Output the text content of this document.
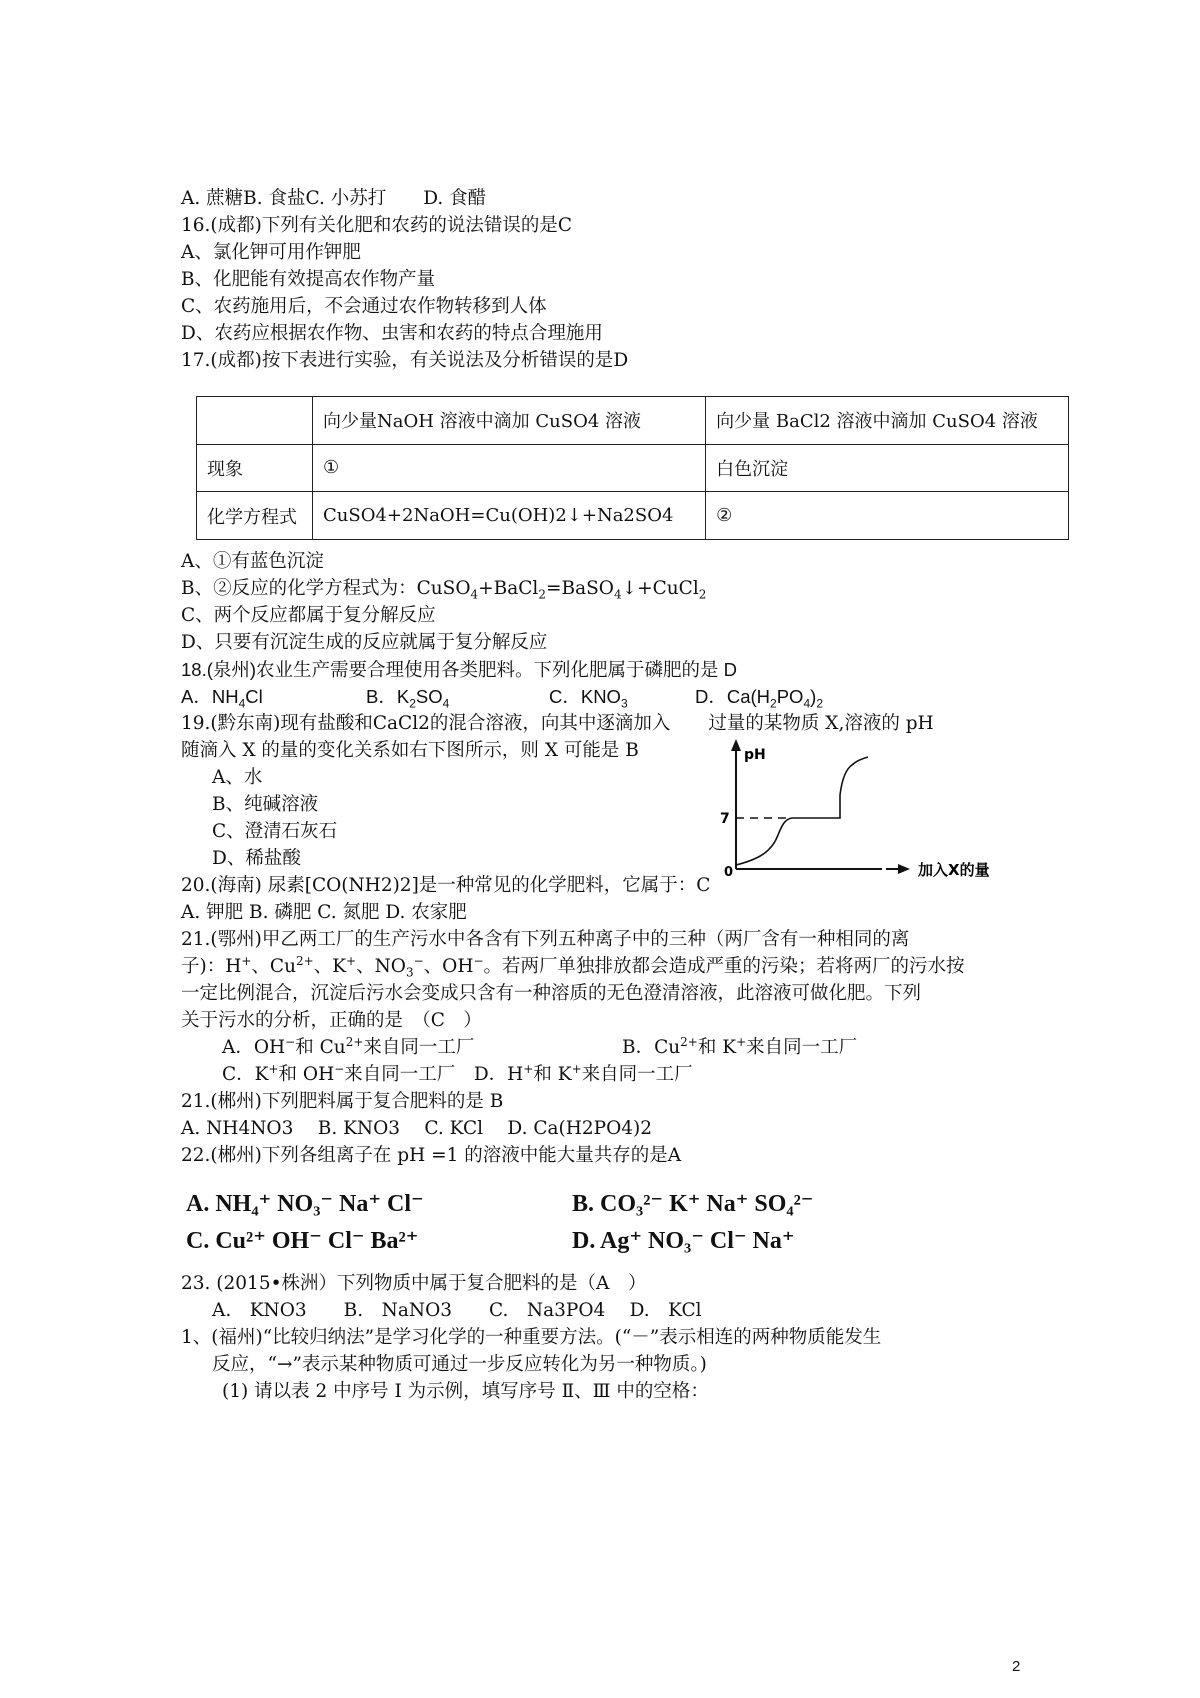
A. 蔗糖B. 食盐C. 小苏打　　D. 食醋
16.(成都)下列有关化肥和农药的说法错误的是C
A、氯化钾可用作钾肥
B、化肥能有效提高农作物产量
C、农药施用后，不会通过农作物转移到人体
D、农药应根据农作物、虫害和农药的特点合理施用
17.(成都)按下表进行实验，有关说法及分析错误的是D
	向少量NaOH 溶液中滴加 CuSO4 溶液	向少量 BaCl2 溶液中滴加 CuSO4 溶液
现象	①	白色沉淀
化学方程式	CuSO4+2NaOH=Cu(OH)2↓+Na2SO4	②
A、①有蓝色沉淀
B、②反应的化学方程式为：CuSO$_4$+BaCl$_2$=BaSO$_4$↓+CuCl$_2$
C、两个反应都属于复分解反应
D、只要有沉淀生成的反应就属于复分解反应
18.(泉州)农业生产需要合理使用各类肥料。下列化肥属于磷肥的是 D
A．$NH_4Cl$	B．$K_2SO_4$	C．$KNO_3$	D．$Ca(H_2PO_4)_2$
19.(黔东南)现有盐酸和CaCl2的混合溶液，向其中逐滴加入 过量的某物质 X,溶液的 pH
随滴入 X 的量的变化关系如右下图所示，则 X 可能是 B
A、水
B、纯碱溶液
C、澄清石灰石
D、稀盐酸
pH
7
0	加入X的量
20.(海南) 尿素[CO(NH2)2]是一种常见的化学肥料，它属于：C
A. 钾肥 B. 磷肥 C. 氮肥 D. 农家肥
21.(鄂州)甲乙两工厂的生产污水中各含有下列五种离子中的三种（两厂含有一种相同的离
子)：H+、$Cu^{2+}$、K+、$NO_3^-$、OH−。若两厂单独排放都会造成严重的污染；若将两厂的污水按
一定比例混合，沉淀后污水会变成只含有一种溶质的无色澄清溶液，此溶液可做化肥。下列
关于污水的分析，正确的是　（C　）
A．OH−和 $Cu^{2+}$来自同一工厂	B．$Cu^{2+}$和 K+来自同一工厂
C．K+和 OH−来自同一工厂　 D．H+和 K+来自同一工厂
21.(郴州)下列肥料属于复合肥料的是 B
A. NH4NO3　 B. KNO3　 C. KCl　 D. Ca(H2PO4)2
22.(郴州)下列各组离子在 pH =1 的溶液中能大量共存的是A
A. NH₄⁺ NO₃⁻ Na⁺ Cl⁻	B. CO₃²⁻ K⁺ Na⁺ SO₄²⁻
C. Cu²⁺ OH⁻ Cl⁻ Ba²⁺	D. Ag⁺ NO₃⁻ Cl⁻ Na⁺
23. (2015•株洲）下列物质中属于复合肥料的是（A　）
A.　KNO3　　B.　NaNO3　　C.　Na3PO4　 D.　KCl
1、(福州)“比较归纳法”是学习化学的一种重要方法。(“－”表示相连的两种物质能发生
反应，“→”表示某种物质可通过一步反应转化为另一种物质。)
(1) 请以表 2 中序号 Ⅰ 为示例，填写序号 Ⅱ、Ⅲ 中的空格：
2
